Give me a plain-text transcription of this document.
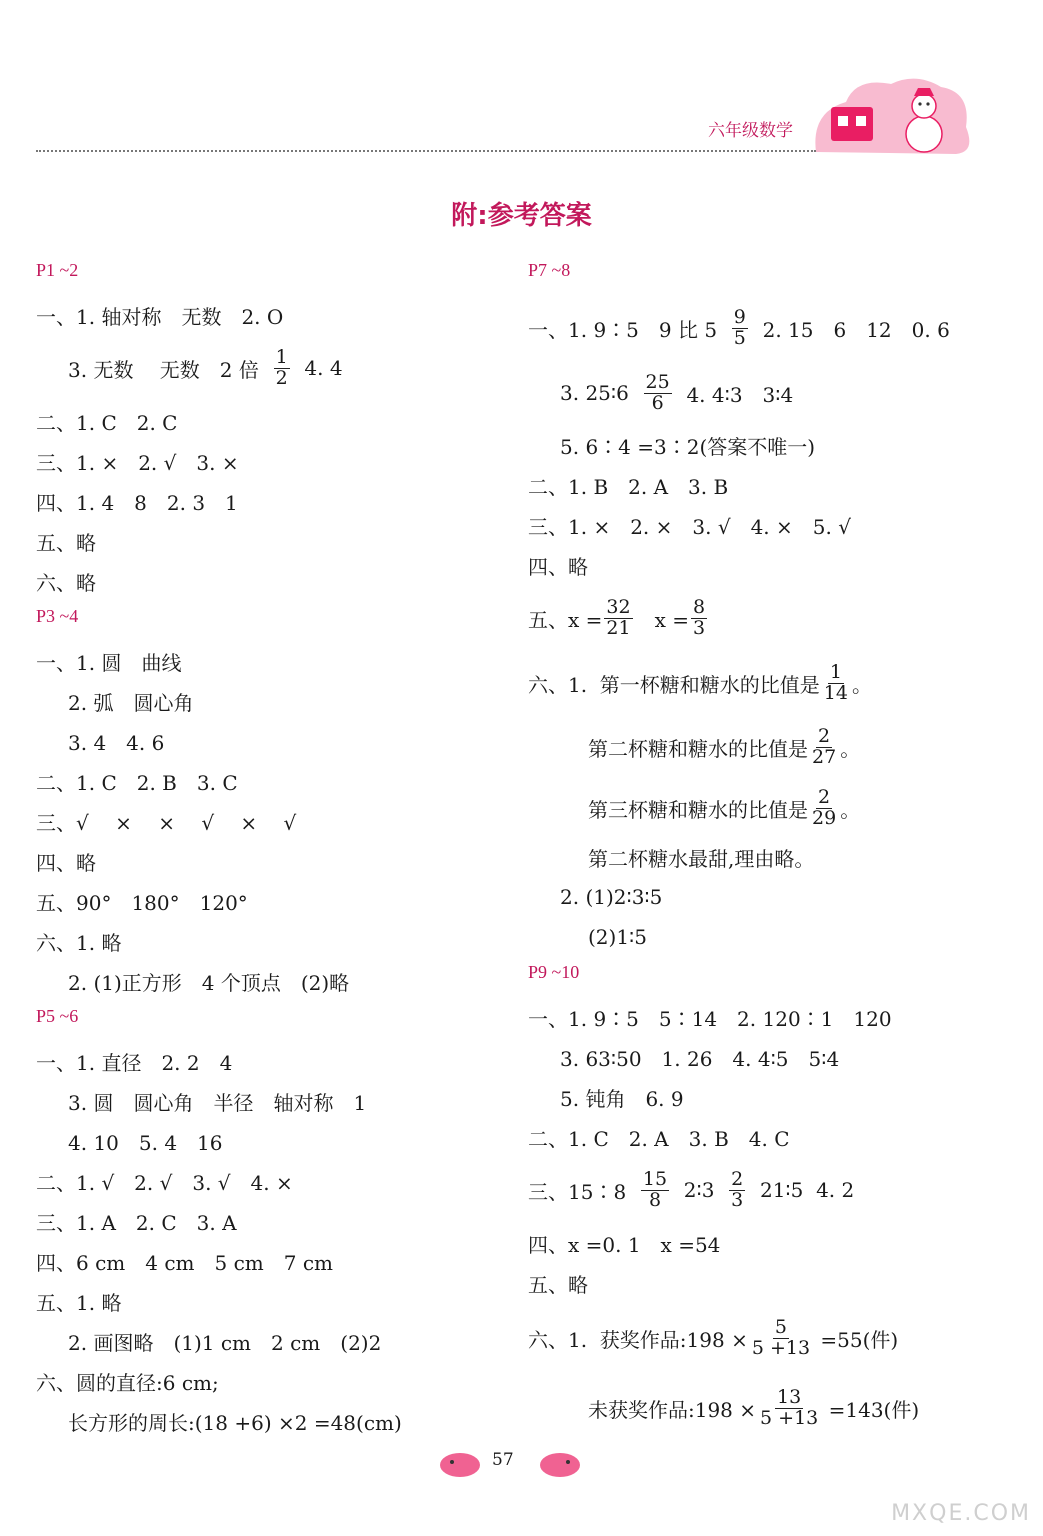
六年级数学
附:参考答案
P1 ~2
一、1. 轴对称　无数　2. O
3. 无数　 无数　2 倍 $\frac{1}{2} 4$. 4
二、1. C　2. C
三、1. ×　2. √　3. ×
四、1. 4　8　2. 3　1
五、略
六、略
P3 ~4
一、1. 圆　曲线
2. 弧　圆心角
3. 4　4. 6
二、1. C　2. B　3. C
三、√　 ×　 ×　 √　 ×　 √
四、略
五、90°　180°　120°
六、1. 略
2. (1)正方形　4 个顶点　(2)略
P5 ~6
一、1. 直径　2. 2　4
3. 圆　圆心角　半径　轴对称　1
4. 10　5. 4　16
二、1. √　2. √　3. √　4. ×
三、1. A　2. C　3. A
四、6 cm　4 cm　5 cm　7 cm
五、1. 略
2. 画图略　(1)1 cm　2 cm　(2)2
六、圆的直径:6 cm;
长方形的周长:(18 +6) ×2 =48(cm)
P7 ~8
一、1. 9∶5　9 比 $5 \frac{9}{5} 2$. 15　6　12　0. 6
3. 25∶6 $\frac{25}{6} 4$. 4∶3　3∶4
5. 6∶4 =3∶2(答案不唯一)
二、1. B　2. A　3. B
三、1. ×　2. ×　3. √　4. ×　5. √
四、略
五、$x = \frac{32}{21}$ 　$x = \frac{8}{3}$
六、1.  第一杯糖和糖水的比值是 $\frac{1}{14}$ 。
第二杯糖和糖水的比值是 $\frac{2}{27}$ 。
第三杯糖和糖水的比值是 $\frac{2}{29}$ 。
第二杯糖水最甜,理由略。
2. (1)2∶3∶5
(2)1∶5
P9 ~10
一、1. 9∶5　5∶14　2. 120∶1　120
3. 63∶50　1. 26　4. 4∶5　5∶4
5. 钝角　6. 9
二、1. C　2. A　3. B　4. C
三、15∶8 $\frac{15}{8}$ 2∶3 $\frac{2}{3}$ 21∶5  4. 2
四、x =0. 1　x =54
五、略
六、1.  获奖作品:198 × $\frac{5}{5 +13} =55$(件)
未获奖作品:198 × $\frac{13}{5 +13} =143$(件)
57
MXQE.COM
